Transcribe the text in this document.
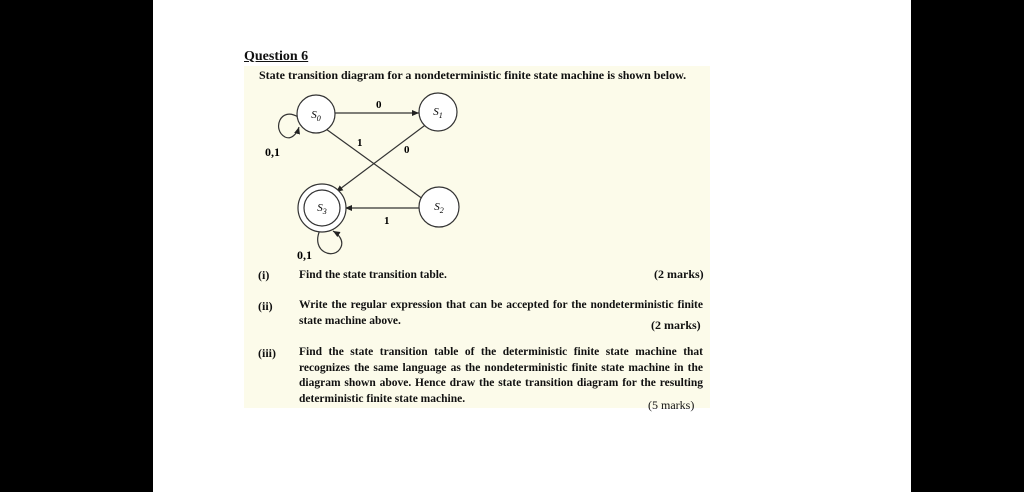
Question 6
State transition diagram for a nondeterministic finite state machine is shown below.
0,1
0
1
0
1
0,1
$S_0$
$S_1$
$S_2$
$S_3$
(i)	Find the state transition table.	(2 marks)
(ii) Write the regular expression that can be accepted for the nondeterministic finite state machine above.	(2 marks)
(iii) Find the state transition table of the deterministic finite state machine that recognizes the same language as the nondeterministic finite state machine in the diagram shown above. Hence draw the state transition diagram for the resulting deterministic finite state machine.	(5 marks)
